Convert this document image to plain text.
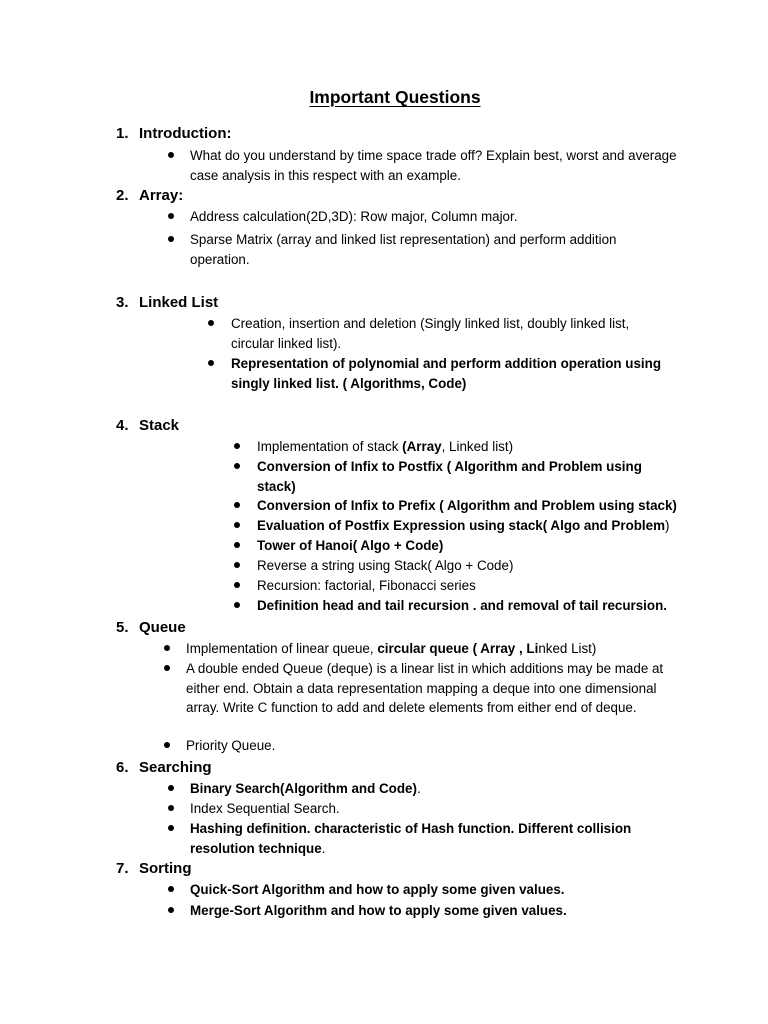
Important Questions
1. Introduction:
What do you understand by time space trade off? Explain best, worst and average case analysis in this respect with an example.
2. Array:
Address calculation(2D,3D): Row major, Column major.
Sparse Matrix (array and linked list representation) and perform addition operation.
3. Linked List
Creation, insertion and deletion (Singly linked list, doubly linked list, circular linked list).
Representation of polynomial and perform addition operation using singly linked list. ( Algorithms, Code)
4. Stack
Implementation of stack (Array, Linked list)
Conversion of Infix to Postfix ( Algorithm and Problem using stack)
Conversion of Infix to Prefix ( Algorithm and Problem using stack)
Evaluation of Postfix Expression using stack( Algo and Problem)
Tower of Hanoi( Algo + Code)
Reverse a string using Stack( Algo + Code)
Recursion: factorial, Fibonacci series
Definition head and tail recursion . and removal of tail recursion.
5. Queue
Implementation of linear queue, circular queue ( Array , Linked List)
A double ended Queue (deque) is a linear list in which additions may be made at either end. Obtain a data representation mapping a deque into one dimensional array. Write C function to add and delete elements from either end of deque.
Priority Queue.
6. Searching
Binary Search(Algorithm and Code).
Index Sequential Search.
Hashing definition. characteristic of Hash function. Different collision resolution technique.
7. Sorting
Quick-Sort Algorithm and how to apply some given values.
Merge-Sort Algorithm and how to apply some given values.
